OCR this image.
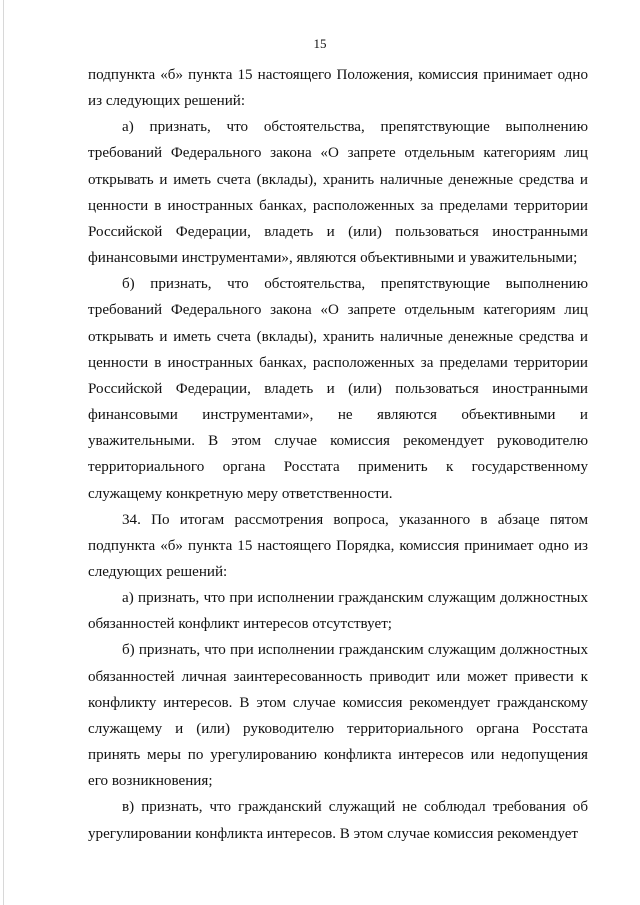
15

подпункта «б» пункта 15 настоящего Положения, комиссия принимает одно из следующих решений:

а) признать, что обстоятельства, препятствующие выполнению требований Федерального закона «О запрете отдельным категориям лиц открывать и иметь счета (вклады), хранить наличные денежные средства и ценности в иностранных банках, расположенных за пределами территории Российской Федерации, владеть и (или) пользоваться иностранными финансовыми инструментами», являются объективными и уважительными;

б) признать, что обстоятельства, препятствующие выполнению требований Федерального закона «О запрете отдельным категориям лиц открывать и иметь счета (вклады), хранить наличные денежные средства и ценности в иностранных банках, расположенных за пределами территории Российской Федерации, владеть и (или) пользоваться иностранными финансовыми инструментами», не являются объективными и уважительными. В этом случае комиссия рекомендует руководителю территориального органа Росстата применить к государственному служащему конкретную меру ответственности.

34. По итогам рассмотрения вопроса, указанного в абзаце пятом подпункта «б» пункта 15 настоящего Порядка, комиссия принимает одно из следующих решений:

а) признать, что при исполнении гражданским служащим должностных обязанностей конфликт интересов отсутствует;

б) признать, что при исполнении гражданским служащим должностных обязанностей личная заинтересованность приводит или может привести к конфликту интересов. В этом случае комиссия рекомендует гражданскому служащему и (или) руководителю территориального органа Росстата принять меры по урегулированию конфликта интересов или недопущения его возникновения;

в) признать, что гражданский служащий не соблюдал требования об урегулировании конфликта интересов. В этом случае комиссия рекомендует
